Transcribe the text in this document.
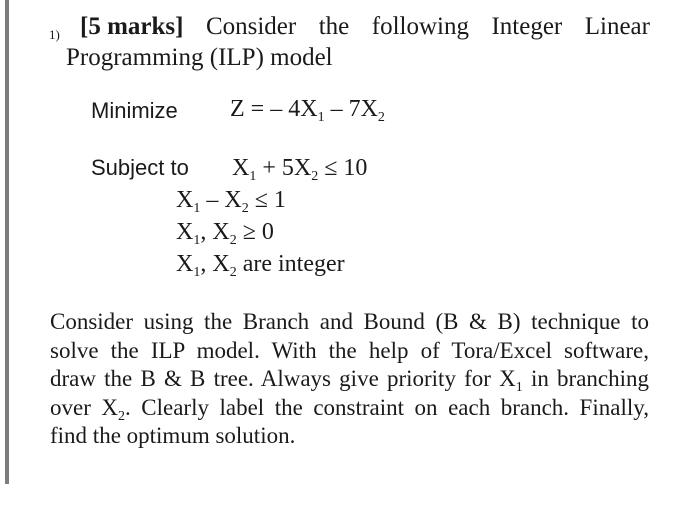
1) [5 marks] Consider the following Integer Linear
Programming (ILP) model
Minimize Z = – $4X_1 - 7X_2$
Subject to $X_1 + 5X_2 \le 10$
$X_1 - X_2 \le 1$
$X_1$, $X_2 \ge 0$
$X_1$, $X_2$ are integer
Consider using the Branch and Bound (B & B) technique to
solve the ILP model. With the help of Tora/Excel software,
draw the B & B tree. Always give priority for $X_1$ in branching
over $X_2$. Clearly label the constraint on each branch. Finally,
find the optimum solution.
